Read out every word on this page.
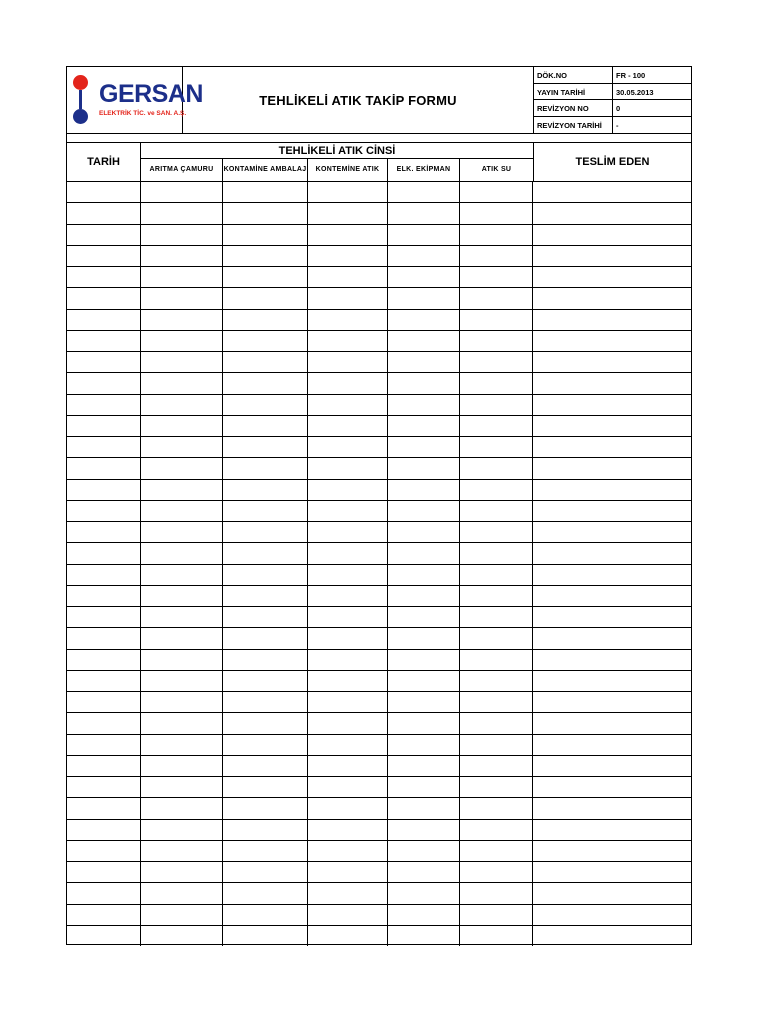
GERSAN
ELEKTRİK TİC. ve SAN. A.Ş.
TEHLİKELİ ATIK TAKİP FORMU
DÖK.NO	FR - 100
YAYIN TARİHİ	30.05.2013
REVİZYON NO	0
REVİZYON TARİHİ -
TARİH
TEHLİKELİ ATIK CİNSİ
ARITMA ÇAMURU	KONTAMİNE AMBALAJ	KONTEMİNE ATIK	ELK. EKİPMAN	ATIK SU
TESLİM EDEN
